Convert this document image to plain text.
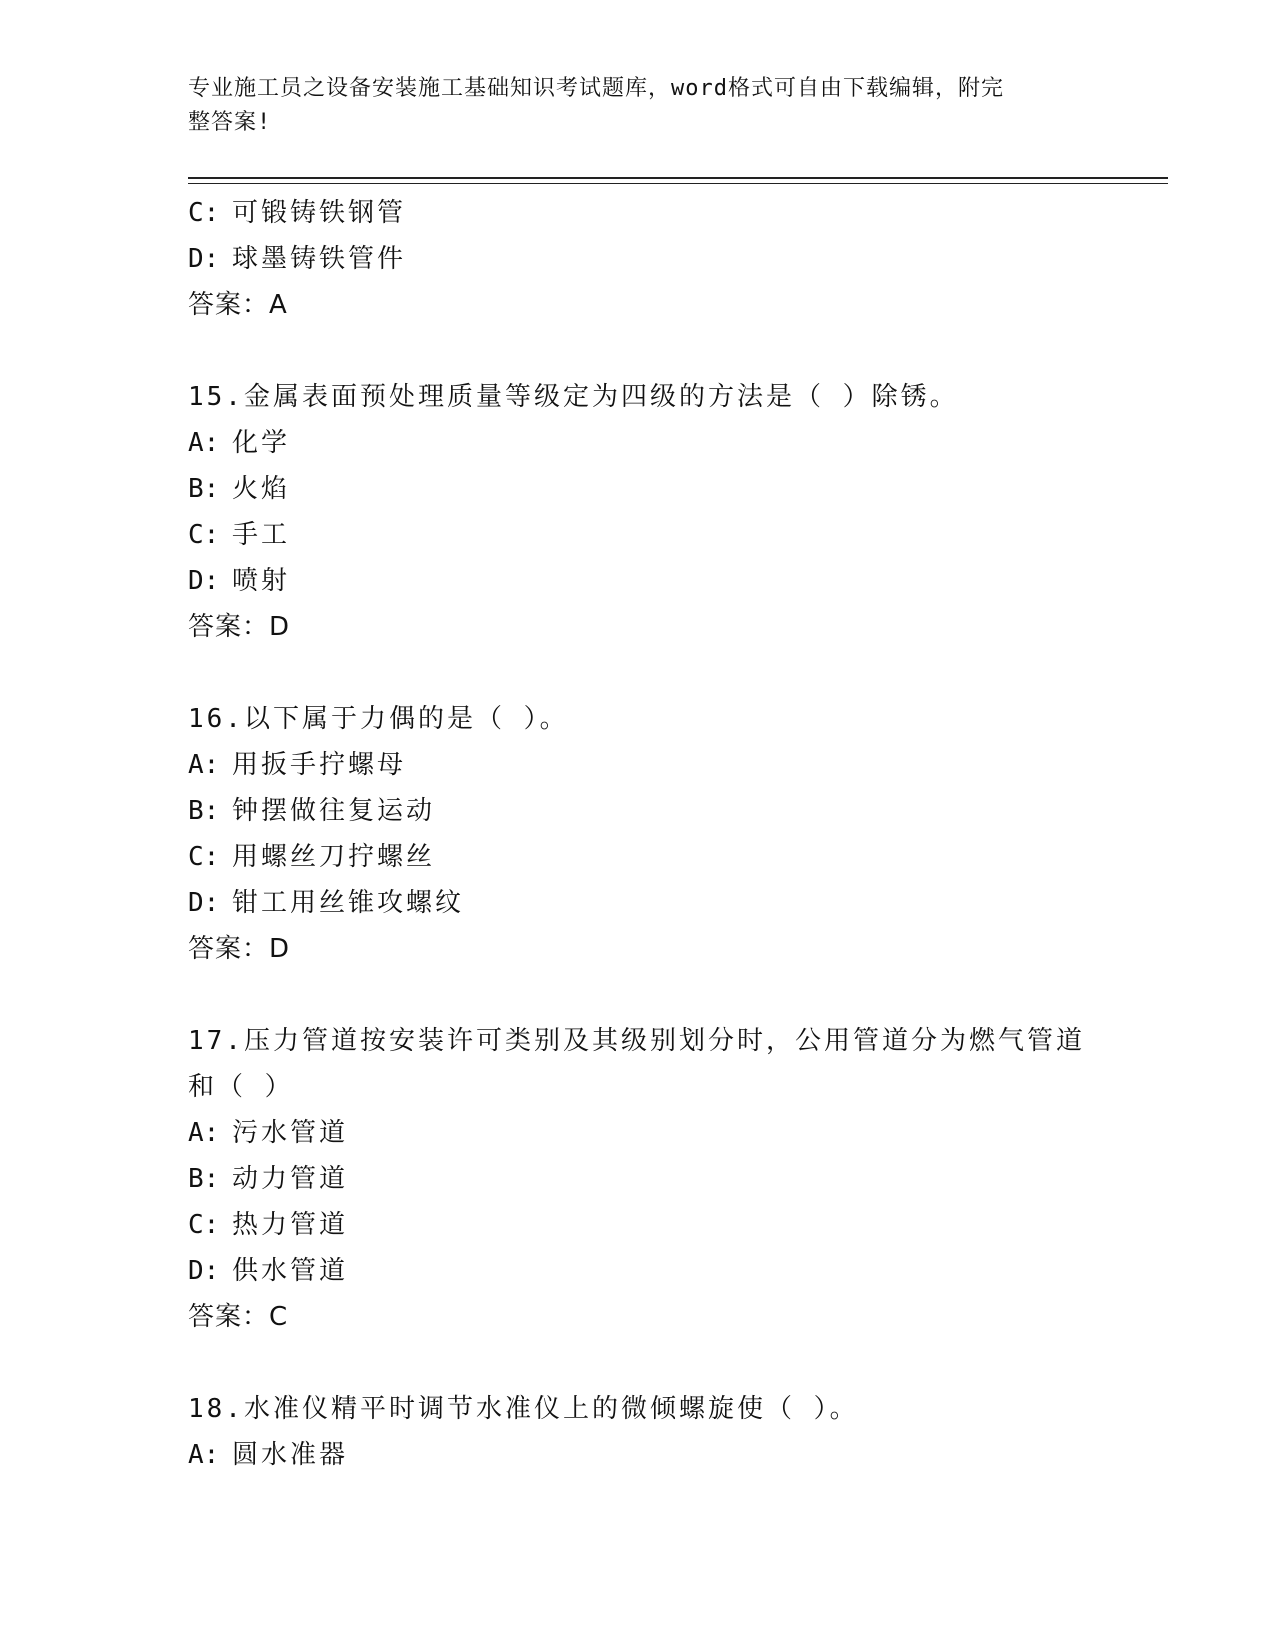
专业施工员之设备安装施工基础知识考试题库，word格式可自由下载编辑，附完
整答案!
C: 可锻铸铁钢管
D: 球墨铸铁管件
答案：A
15.金属表面预处理质量等级定为四级的方法是（ ）除锈。
A: 化学
B: 火焰
C: 手工
D: 喷射
答案：D
16.以下属于力偶的是（ ）。
A: 用扳手拧螺母
B: 钟摆做往复运动
C: 用螺丝刀拧螺丝
D: 钳工用丝锥攻螺纹
答案：D
17.压力管道按安装许可类别及其级别划分时，公用管道分为燃气管道
和（ ）
A: 污水管道
B: 动力管道
C: 热力管道
D: 供水管道
答案：C
18.水准仪精平时调节水准仪上的微倾螺旋使（ ）。
A: 圆水准器
